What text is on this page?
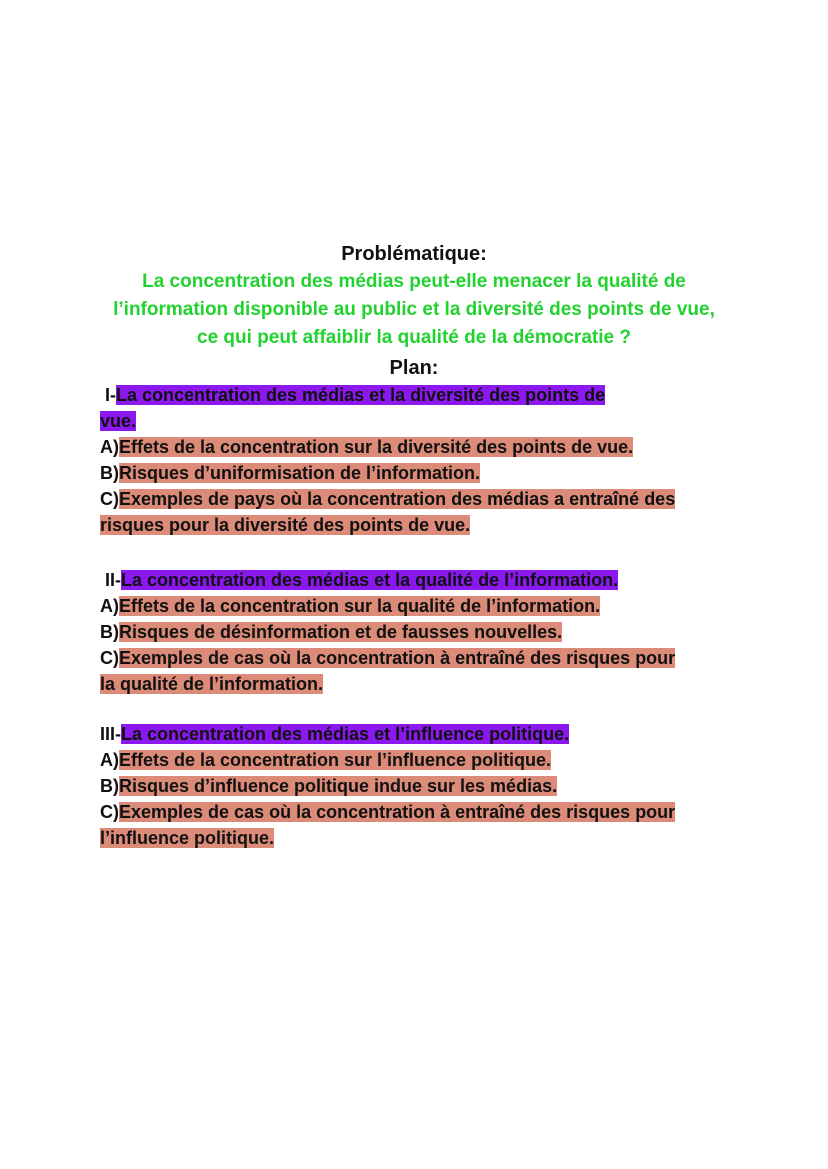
Problématique:
La concentration des médias peut-elle menacer la qualité de l’information disponible au public et la diversité des points de vue, ce qui peut affaiblir la qualité de la démocratie ?
Plan:
I-La concentration des médias et la diversité des points de
vue.
A)Effets de la concentration sur la diversité des points de vue.
B)Risques d’uniformisation de l’information.
C)Exemples de pays où la concentration des médias a entraîné des
risques pour la diversité des points de vue.
II-La concentration des médias et la qualité de l’information.
A)Effets de la concentration sur la qualité de l’information.
B)Risques de désinformation et de fausses nouvelles.
C)Exemples de cas où la concentration à entraîné des risques pour
la qualité de l’information.
III-La concentration des médias et l’influence politique.
A)Effets de la concentration sur l’influence politique.
B)Risques d’influence politique indue sur les médias.
C)Exemples de cas où la concentration à entraîné des risques pour
l’influence politique.
